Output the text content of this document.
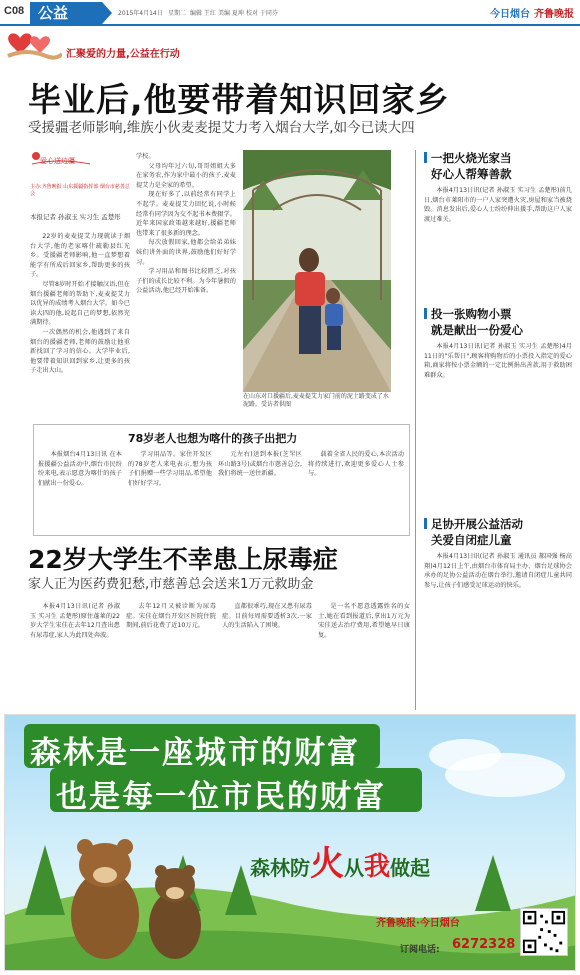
C08 公益	2015年4月14日 星期二 编辑 王红 美编 夏坤 校对 于同芬	今日烟台 齐鲁晚报
汇聚爱的力量,公益在行动
毕业后,他要带着知识回家乡
受援疆老师影响,维族小伙麦麦提艾力考入烟台大学,如今已读大四
爱心送边疆
主办:齐鲁晚报 山东援疆指挥部 烟台市慈善总会
本报记者 孙淑玉 实习生 孟楚彤

22岁的麦麦提艾力现就读于烟台大学,他的老家喀什疏勒县红光乡。受援疆老师影响,他一直梦想着能学有所成后回家乡,帮助更多的孩子。

尽管8岁时开始才接触汉语,但在烟台援疆老师的帮助下,麦麦提艾力以优异的成绩考入烟台大学。如今已读大四的他,说起自己的梦想,依然充满期待。

一次偶然的机会,他遇到了来自烟台的援疆老师,老师的鼓励让他重新找回了学习的信心。大学毕业后,他要带着知识回到家乡,让更多的孩子走出大山。

学校。

父母均年过六旬,哥哥姐姐大多在家务农,作为家中最小的孩子,麦麦提艾力是全家的希望。

现在好多了,以前经常有同学上不起学。麦麦提艾力回忆说,小时候经常有同学因为交不起书本费辍学。近年来国家政策越来越好,援疆老师也带来了很多新的理念。

每次放假回家,他都会给弟弟妹妹们讲外面的世界,鼓励他们好好学习。

学习用品和图书比较匮乏,对孩子们的成长比较不利。为今年暑假的公益活动,他已经开始准备。

在山东对口援疆后,麦麦提艾力家门前的泥土路变成了水泥路。受访者供图
78岁老人也想为喀什的孩子出把力

本报烟台4月13日讯 在本报援疆公益活动中,烟台市民纷纷来电,表示愿意为喀什的孩子们献出一份爱心。

学习用品等。家住开发区的78岁老人来电表示,想为孩子们捐赠一些学习用品,希望他们好好学习。

元左右)送到本报(芝罘区环山路3号)或烟台市慈善总会,我们将统一送往新疆。

载着全省人民的爱心,本次活动将持续进行,欢迎更多爱心人士参与。

22岁大学生不幸患上尿毒症
家人正为医药费犯愁,市慈善总会送来1万元救助金

本报4月13日讯(记者 孙淑玉 实习生 孟楚彤)原住蓬莱的22岁大学生宋佳在去年12月查出患有尿毒症,家人为此四处奔波。

去年12月又被诊断为尿毒症。宋佳在烟台开发区医院住院期间,前后花费了近10万元。

直都很乖巧,现在又患有尿毒症。目前每周需要透析3次,一家人的生活陷入了困境。

是一名不愿意透露姓名的女士,她在看到报道后,拿出1万元为宋佳送去治疗费用,希望她早日康复。

一把火烧光家当
好心人帮筹善款

本报4月13日讯(记者 孙淑玉 实习生 孟楚彤)前几日,烟台市莱阳市的一户人家突遭火灾,房屋和家当被烧毁。消息发出后,爱心人士纷纷伸出援手,帮助这户人家渡过难关。

投一张购物小票
就是献出一份爱心

本报4月13日讯(记者 孙淑玉 实习生 孟楚彤)4月11日的"乐帮日",顾客将购物后的小票投入指定的爱心箱,商家将按小票金额的一定比例捐出善款,用于救助困难群众。

足协开展公益活动
关爱自闭症儿童

本报4月13日讯(记者 孙淑玉 通讯员 郝国强 杨高翔)4月12日上午,由烟台市体育局主办、烟台足球协会承办的足协公益活动在烟台举行,邀请自闭症儿童共同参与,让孩子们感受足球运动的快乐。

森林是一座城市的财富
也是每一位市民的财富
森林防火从我做起
齐鲁晚报·今日烟台
订阅电话: 6272328
